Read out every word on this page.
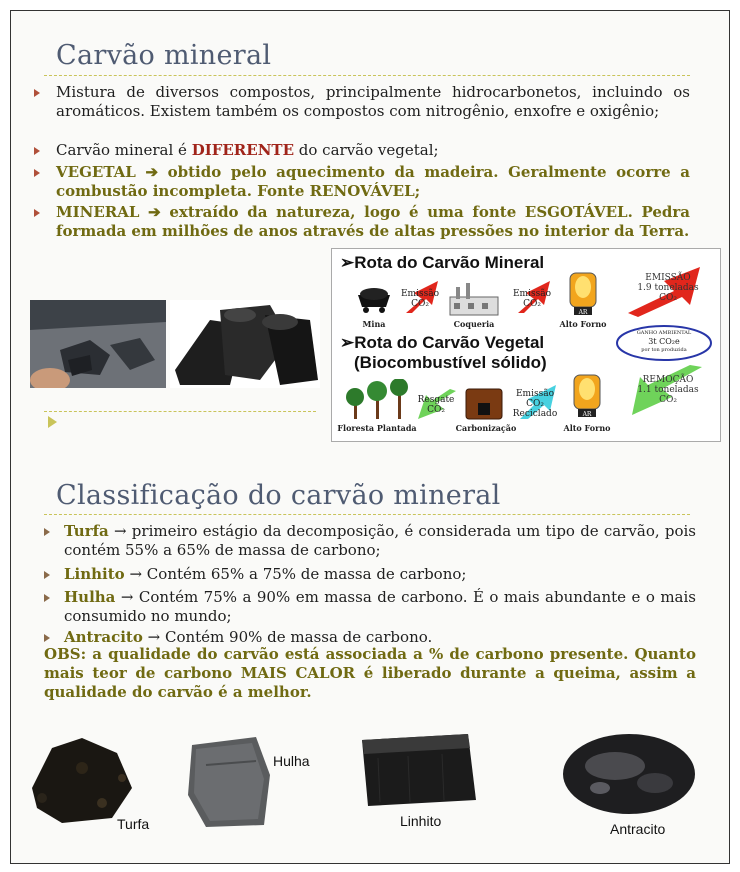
Carvão mineral
Mistura de diversos compostos, principalmente hidrocarbonetos, incluindo os aromáticos. Existem também os compostos com nitrogênio, enxofre e oxigênio;
Carvão mineral é DIFERENTE do carvão vegetal;
VEGETAL ➔ obtido pelo aquecimento da madeira. Geralmente ocorre a combustão incompleta. Fonte RENOVÁVEL;
MINERAL ➔ extraído da natureza, logo é uma fonte ESGOTÁVEL. Pedra formada em milhões de anos através de altas pressões no interior da Terra.
➢Rota do Carvão Mineral
Mina
Emissão CO₂
Coqueria
Emissão CO₂
AR
Alto Forno
EMISSÃO
1.9 toneladas
CO₂
➢Rota do Carvão Vegetal
(Biocombustível sólido)
GANHO AMBIENTAL
3t CO₂e
por ton produzida
Floresta Plantada
Resgate
CO₂
Carbonização
Emissão CO₂
Reciclado	AR
Alto Forno
REMOÇÃO
1.1 toneladas
CO₂
Classificação do carvão mineral
Turfa → primeiro estágio da decomposição, é considerada um tipo de carvão, pois contém 55% a 65% de massa de carbono;
Linhito → Contém 65% a 75% de massa de carbono;
Hulha → Contém 75% a 90% em massa de carbono. É o mais abundante e o mais consumido no mundo;
Antracito → Contém 90% de massa de carbono.
OBS: a qualidade do carvão está associada a % de carbono presente. Quanto mais teor de carbono MAIS CALOR é liberado durante a queima, assim a qualidade do carvão é a melhor.
Turfa
Hulha
Linhito	Antracito
